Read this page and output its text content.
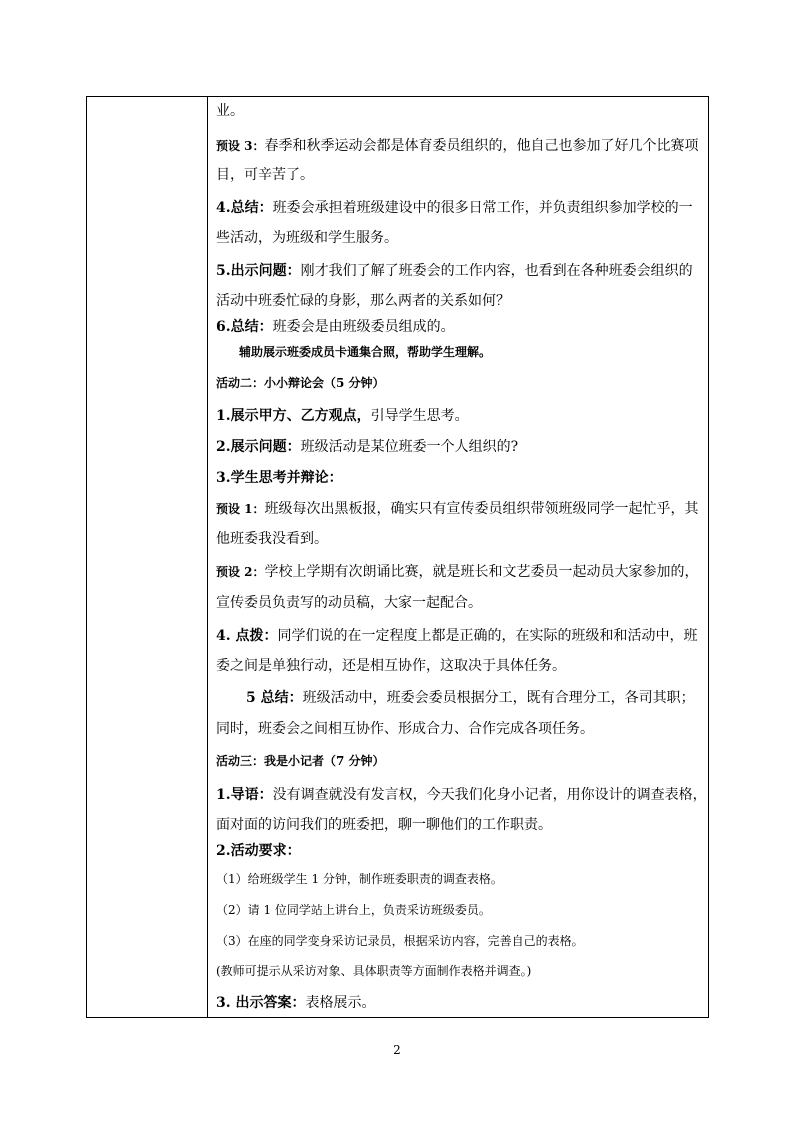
业。
预设 3：春季和秋季运动会都是体育委员组织的，他自己也参加了好几个比赛项
目，可辛苦了。
4.总结：班委会承担着班级建设中的很多日常工作，并负责组织参加学校的一
些活动，为班级和学生服务。
5.出示问题：刚才我们了解了班委会的工作内容，也看到在各种班委会组织的
活动中班委忙碌的身影，那么两者的关系如何？
6.总结：班委会是由班级委员组成的。
辅助展示班委成员卡通集合照，帮助学生理解。
活动二：小小辩论会（5 分钟）
1.展示甲方、乙方观点，引导学生思考。
2.展示问题：班级活动是某位班委一个人组织的?
3.学生思考并辩论：
预设 1：班级每次出黑板报，确实只有宣传委员组织带领班级同学一起忙乎，其
他班委我没看到。
预设 2：学校上学期有次朗诵比赛，就是班长和文艺委员一起动员大家参加的，
宣传委员负责写的动员稿，大家一起配合。
4. 点拨：同学们说的在一定程度上都是正确的，在实际的班级和和活动中，班
委之间是单独行动，还是相互协作，这取决于具体任务。
5 总结：班级活动中，班委会委员根据分工，既有合理分工，各司其职；
同时，班委会之间相互协作、形成合力、合作完成各项任务。
活动三：我是小记者（7 分钟）
1.导语：没有调查就没有发言权，今天我们化身小记者，用你设计的调查表格，
面对面的访问我们的班委把，聊一聊他们的工作职责。
2.活动要求：
（1）给班级学生 1 分钟，制作班委职责的调查表格。
（2）请 1 位同学站上讲台上，负责采访班级委员。
（3）在座的同学变身采访记录员，根据采访内容，完善自己的表格。
(教师可提示从采访对象、具体职责等方面制作表格并调查。)
3. 出示答案：表格展示。
2
